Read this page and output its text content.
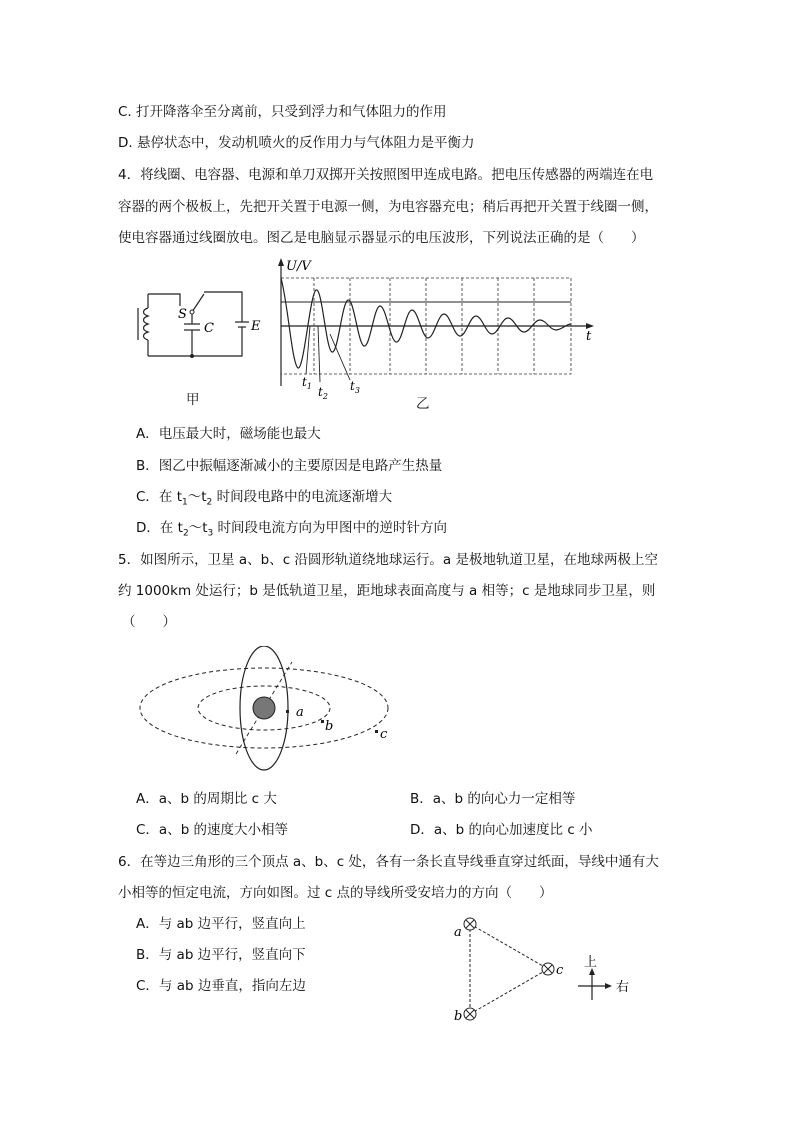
C. 打开降落伞至分离前，只受到浮力和气体阻力的作用
D. 悬停状态中，发动机喷火的反作用力与气体阻力是平衡力
4．将线圈、电容器、电源和单刀双掷开关按照图甲连成电路。把电压传感器的两端连在电
容器的两个极板上，先把开关置于电源一侧，为电容器充电；稍后再把开关置于线圈一侧，
使电容器通过线圈放电。图乙是电脑显示器显示的电压波形，下列说法正确的是（　　）
S
C	E
甲
U/V
t
$t_1$ $t_2$
$t_3$
乙
A．电压最大时，磁场能也最大
B．图乙中振幅逐渐减小的主要原因是电路产生热量
C．在 $t_1\sim t_2$ 时间段电路中的电流逐渐增大
D．在 $t_2\sim t_3$ 时间段电流方向为甲图中的逆时针方向
5．如图所示，卫星 a、b、c 沿圆形轨道绕地球运行。a 是极地轨道卫星，在地球两极上空
约 1000km 处运行；b 是低轨道卫星，距地球表面高度与 a 相等；c 是地球同步卫星，则
（　　）
a
b
c
A．a、b 的周期比 c 大	B．a、b 的向心力一定相等
C．a、b 的速度大小相等	D．a、b 的向心加速度比 c 小
6．在等边三角形的三个顶点 a、b、c 处，各有一条长直导线垂直穿过纸面，导线中通有大
小相等的恒定电流，方向如图。过 c 点的导线所受安培力的方向（　　）
A．与 ab 边平行，竖直向上
B．与 ab 边平行，竖直向下
C．与 ab 边垂直，指向左边
a
c
b
上
右
